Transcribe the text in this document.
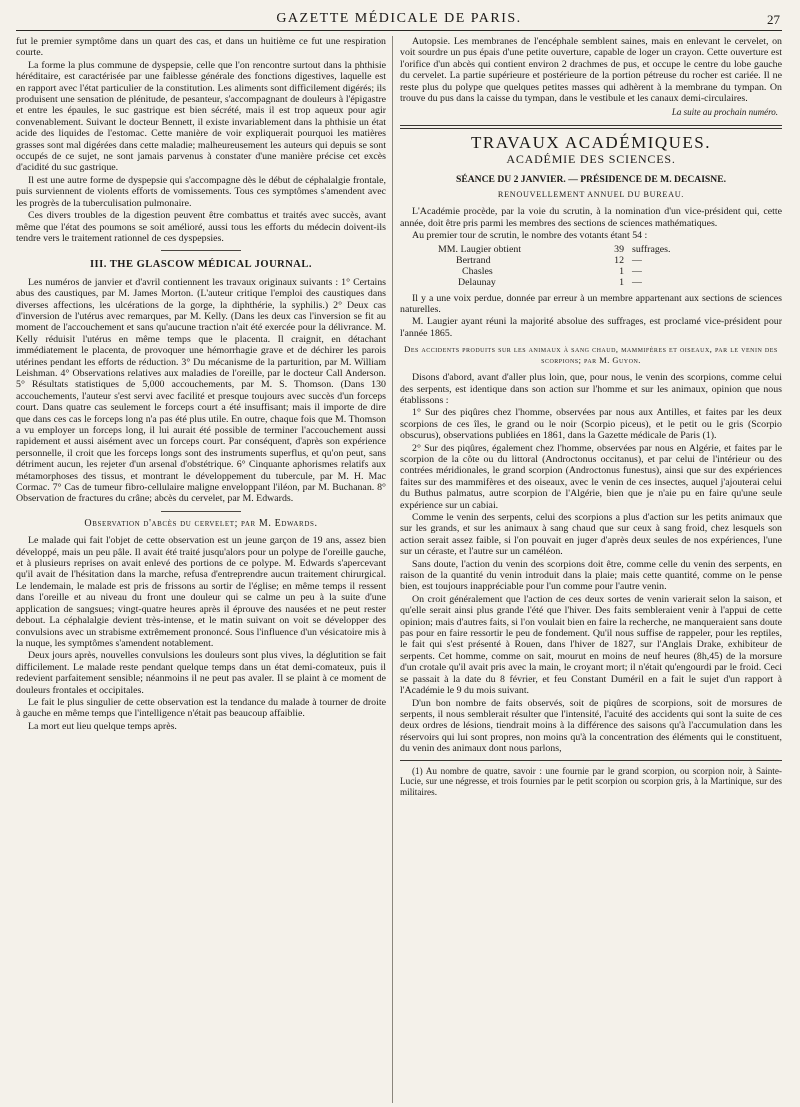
GAZETTE MÉDICALE DE PARIS.	27

fut le premier symptôme dans un quart des cas, et dans un huitième ce fut une respiration courte.

La forme la plus commune de dyspepsie, celle que l'on rencontre surtout dans la phthisie héréditaire, est caractérisée par une faiblesse générale des fonctions digestives, laquelle est en rapport avec l'état particulier de la constitution. Les aliments sont difficilement digérés; ils produisent une sensation de plénitude, de pesanteur, s'accompagnant de douleurs à l'épigastre et entre les épaules, le suc gastrique est bien sécrété, mais il est trop aqueux pour agir convenablement. Suivant le docteur Bennett, il existe invariablement dans la phthisie un état acide des liquides de l'estomac. Cette manière de voir expliquerait pourquoi les matières grasses sont mal digérées dans cette maladie; malheureusement les auteurs qui depuis se sont occupés de ce sujet, ne sont jamais parvenus à constater d'une manière précise cet excès d'acidité du suc gastrique.

Il est une autre forme de dyspepsie qui s'accompagne dès le début de céphalalgie frontale, puis surviennent de violents efforts de vomissements. Tous ces symptômes s'amendent avec les progrès de la tuberculisation pulmonaire.

Ces divers troubles de la digestion peuvent être combattus et traités avec succès, avant même que l'état des poumons se soit amélioré, aussi tous les efforts du médecin doivent-ils tendre vers le traitement rationnel de ces dyspepsies.

III. THE GLASCOW MÉDICAL JOURNAL.

Les numéros de janvier et d'avril contiennent les travaux originaux suivants : 1° Certains abus des caustiques, par M. James Morton. (L'auteur critique l'emploi des caustiques dans diverses affections, les ulcérations de la gorge, la diphthérie, la syphilis.) 2° Deux cas d'inversion de l'utérus avec remarques, par M. Kelly. (Dans les deux cas l'inversion se fit au moment de l'accouchement et sans qu'aucune traction n'ait été exercée pour la délivrance. M. Kelly réduisit l'utérus en même temps que le placenta. Il craignit, en détachant immédiatement le placenta, de provoquer une hémorrhagie grave et de déchirer les parois utérines pendant les efforts de réduction. 3° Du mécanisme de la parturition, par M. William Leishman. 4° Observations relatives aux maladies de l'oreille, par le docteur Call Anderson. 5° Résultats statistiques de 5,000 accouchements, par M. S. Thomson. (Dans 130 accouchements, l'auteur s'est servi avec facilité et presque toujours avec succès d'un forceps court. Dans quatre cas seulement le forceps court a été insuffisant; mais il importe de dire que dans ces cas le forceps long n'a pas été plus utile. En outre, chaque fois que M. Thomson a vu employer un forceps long, il lui aurait été possible de terminer l'accouchement aussi rapidement et aussi aisément avec un forceps court. Par conséquent, d'après son expérience personnelle, il croit que les forceps longs sont des instruments superflus, et qu'on peut, sans détriment aucun, les rejeter d'un arsenal d'obstétrique. 6° Cinquante aphorismes relatifs aux métamorphoses des tissus, et montrant le développement du tubercule, par M. H. Mac Cormac. 7° Cas de tumeur fibro-cellulaire maligne enveloppant l'iléon, par M. Buchanan. 8° Observation de fractures du crâne; abcès du cervelet, par M. Edwards.

Observation d'abcès du cervelet; par M. Edwards.

Le malade qui fait l'objet de cette observation est un jeune garçon de 19 ans, assez bien développé, mais un peu pâle. Il avait été traité jusqu'alors pour un polype de l'oreille gauche, et à plusieurs reprises on avait enlevé des portions de ce polype. M. Edwards s'apercevant qu'il avait de l'hésitation dans la marche, refusa d'entreprendre aucun traitement chirurgical. Le lendemain, le malade est pris de frissons au sortir de l'église; en même temps il ressent dans l'oreille et au niveau du front une douleur qui se calme un peu à la suite d'une application de sangsues; vingt-quatre heures après il éprouve des nausées et ne peut rester debout. La céphalalgie devient très-intense, et le matin suivant on voit se développer des convulsions avec un strabisme extrêmement prononcé. Sous l'influence d'un vésicatoire mis à la nuque, les symptômes s'amendent notablement.

Deux jours après, nouvelles convulsions les douleurs sont plus vives, la déglutition se fait difficilement. Le malade reste pendant quelque temps dans un état demi-comateux, puis il redevient parfaitement sensible; néanmoins il ne peut pas avaler. Il se plaint à ce moment de douleurs frontales et occipitales.

Le fait le plus singulier de cette observation est la tendance du malade à tourner de droite à gauche en même temps que l'intelligence n'était pas beaucoup affaiblie.

La mort eut lieu quelque temps après.

Autopsie. Les membranes de l'encéphale semblent saines, mais en enlevant le cervelet, on voit sourdre un pus épais d'une petite ouverture, capable de loger un crayon. Cette ouverture est l'orifice d'un abcès qui contient environ 2 drachmes de pus, et occupe le centre du lobe gauche du cervelet. La partie supérieure et postérieure de la portion pétreuse du rocher est cariée. Il ne reste plus du polype que quelques petites masses qui adhèrent à la membrane du tympan. On trouve du pus dans la caisse du tympan, dans le vestibule et les canaux demi-circulaires.

La suite au prochain numéro.
TRAVAUX ACADÉMIQUES.
ACADÉMIE DES SCIENCES.
SÉANCE DU 2 JANVIER. — PRÉSIDENCE DE M. DECAISNE.
RENOUVELLEMENT ANNUEL DU BUREAU.

L'Académie procède, par la voie du scrutin, à la nomination d'un vice-président qui, cette année, doit être pris parmi les membres des sections de sciences mathématiques.

Au premier tour de scrutin, le nombre des votants étant 54 :

MM. Laugier obtient	39 suffrages.
Bertrand	12 —
Chasles	1 —
Delaunay	1 —

Il y a une voix perdue, donnée par erreur à un membre appartenant aux sections de sciences naturelles.

M. Laugier ayant réuni la majorité absolue des suffrages, est proclamé vice-président pour l'année 1865.

Des accidents produits sur les animaux à sang chaud, mammifères et oiseaux, par le venin des scorpions; par M. Guyon.

Disons d'abord, avant d'aller plus loin, que, pour nous, le venin des scorpions, comme celui des serpents, est identique dans son action sur l'homme et sur les animaux, opinion que nous établissons :

1° Sur des piqûres chez l'homme, observées par nous aux Antilles, et faites par les deux scorpions de ces îles, le grand ou le noir (Scorpio piceus), et le petit ou le gris (Scorpio obscurus), observations publiées en 1861, dans la Gazette médicale de Paris (1).

2° Sur des piqûres, également chez l'homme, observées par nous en Algérie, et faites par le scorpion de la côte ou du littoral (Androctonus occitanus), et par celui de l'intérieur ou des contrées méridionales, le grand scorpion (Androctonus funestus), ainsi que sur des expériences faites sur des mammifères et des oiseaux, avec le venin de ces insectes, auquel j'ajouterai celui du Buthus palmatus, autre scorpion de l'Algérie, bien que je n'aie pu en faire qu'une seule expérience sur un cabiai.

Comme le venin des serpents, celui des scorpions a plus d'action sur les petits animaux que sur les grands, et sur les animaux à sang chaud que sur ceux à sang froid, chez lesquels son action serait assez faible, si l'on pouvait en juger d'après deux seules de nos expériences, l'une sur un céraste, et l'autre sur un caméléon.

Sans doute, l'action du venin des scorpions doit être, comme celle du venin des serpents, en raison de la quantité du venin introduit dans la plaie; mais cette quantité, comme on le pense bien, est toujours inappréciable pour l'un comme pour l'autre venin.

On croit généralement que l'action de ces deux sortes de venin varierait selon la saison, et qu'elle serait ainsi plus grande l'été que l'hiver. Des faits sembleraient venir à l'appui de cette opinion; mais d'autres faits, si l'on voulait bien en faire la recherche, ne manqueraient sans doute pas pour en faire ressortir le peu de fondement. Qu'il nous suffise de rappeler, pour les reptiles, le fait qui s'est présenté à Rouen, dans l'hiver de 1827, sur l'Anglais Drake, exhibiteur de serpents. Cet homme, comme on sait, mourut en moins de neuf heures (8h,45) de la morsure d'un crotale qu'il avait pris avec la main, le croyant mort; il n'était qu'engourdi par le froid. Ceci se passait à la date du 8 février, et feu Constant Duméril en a fait le sujet d'un rapport à l'Académie le 9 du mois suivant.

D'un bon nombre de faits observés, soit de piqûres de scorpions, soit de morsures de serpents, il nous semblerait résulter que l'intensité, l'acuité des accidents qui sont la suite de ces deux ordres de lésions, tiendrait moins à la différence des saisons qu'à l'accumulation dans les réservoirs qui lui sont propres, non moins qu'à la concentration des éléments qui le constituent, du venin des animaux dont nous parlons,

(1) Au nombre de quatre, savoir : une fournie par le grand scorpion, ou scorpion noir, à Sainte-Lucie, sur une négresse, et trois fournies par le petit scorpion ou scorpion gris, à la Martinique, sur des militaires.
